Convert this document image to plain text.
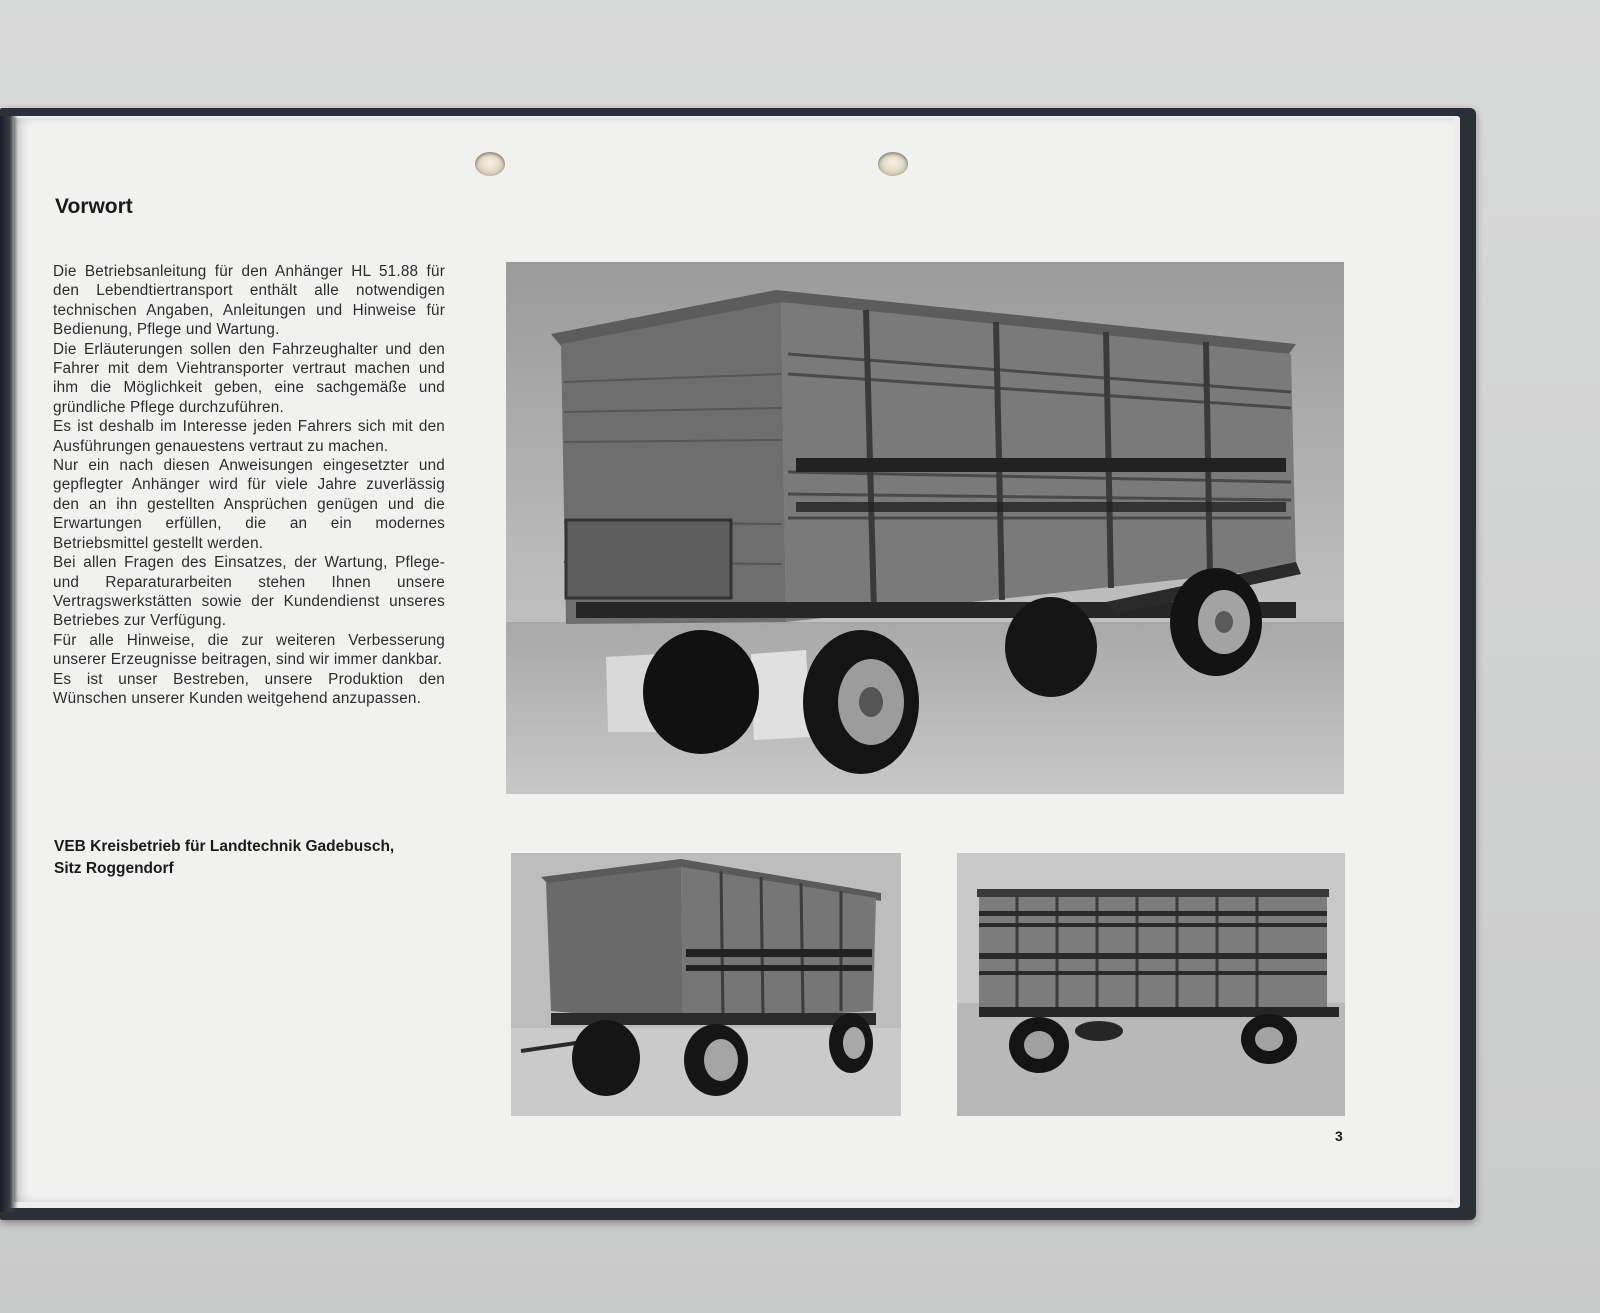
Vorwort

Die Betriebsanleitung für den Anhänger HL 51.88 für den Lebendtiertransport enthält alle notwendigen technischen Angaben, Anleitungen und Hinweise für Bedienung, Pflege und Wartung.

Die Erläuterungen sollen den Fahrzeughalter und den Fahrer mit dem Viehtransporter vertraut machen und ihm die Möglichkeit geben, eine sachgemäße und gründliche Pflege durchzuführen.

Es ist deshalb im Interesse jeden Fahrers sich mit den Ausführungen genauestens vertraut zu machen.

Nur ein nach diesen Anweisungen eingesetzter und gepflegter Anhänger wird für viele Jahre zuverlässig den an ihn gestellten Ansprüchen genügen und die Erwartungen erfüllen, die an ein modernes Betriebsmittel gestellt werden.

Bei allen Fragen des Einsatzes, der Wartung, Pflege- und Reparaturarbeiten stehen Ihnen unsere Vertragswerkstätten sowie der Kundendienst unseres Betriebes zur Verfügung.

Für alle Hinweise, die zur weiteren Verbesserung unserer Erzeugnisse beitragen, sind wir immer dankbar.

Es ist unser Bestreben, unsere Produktion den Wünschen unserer Kunden weitgehend anzupassen.

VEB Kreisbetrieb für Landtechnik Gadebusch,
Sitz Roggendorf
3
